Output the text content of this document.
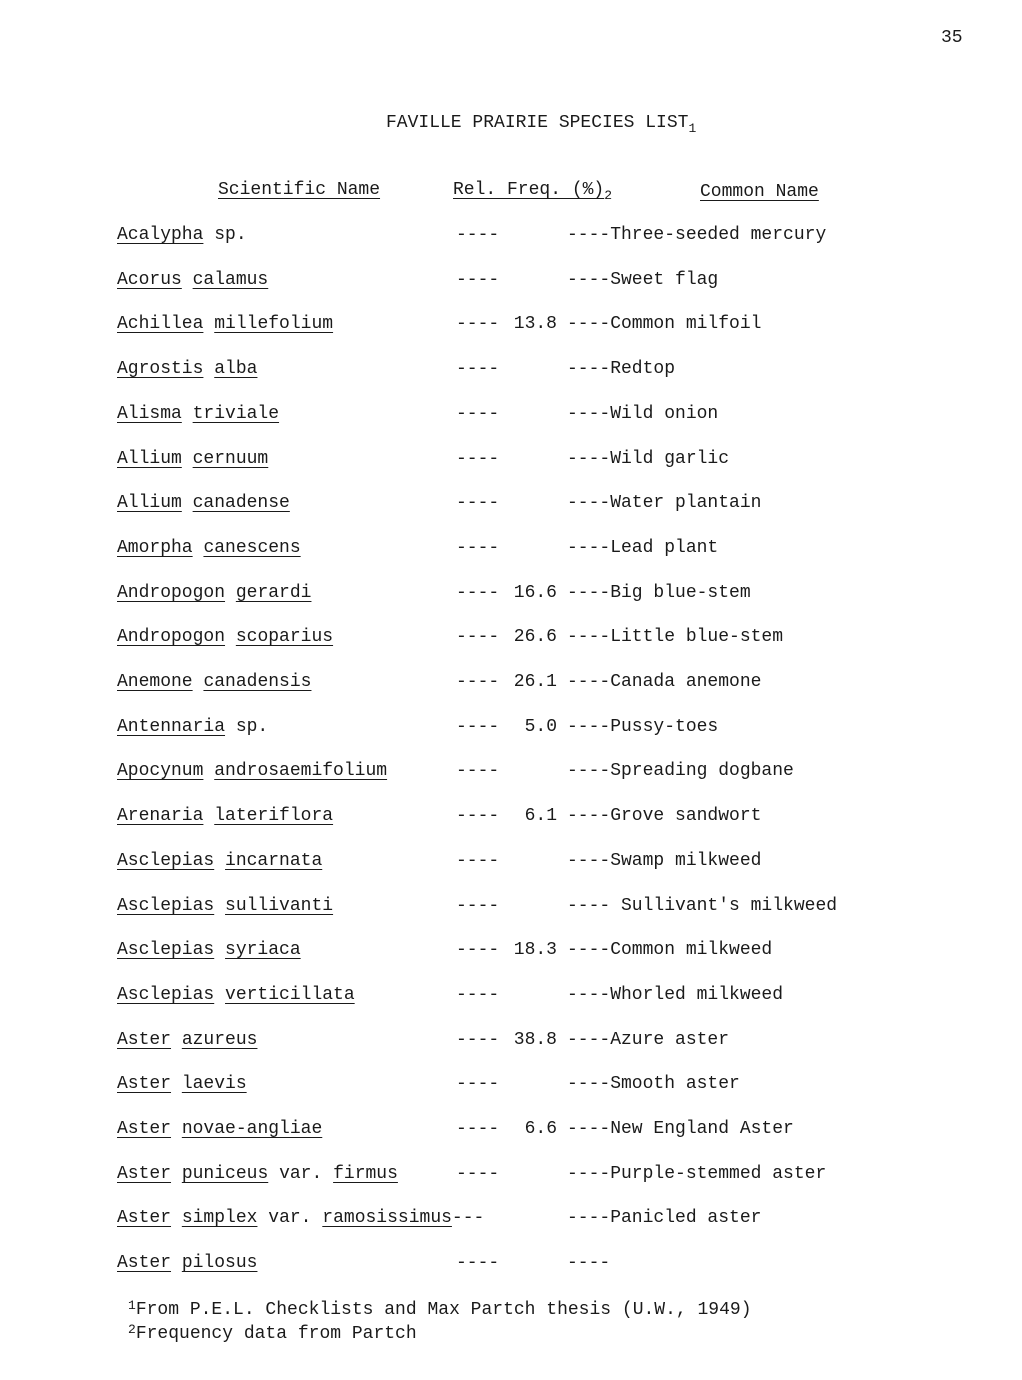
35
FAVILLE PRAIRIE SPECIES $LIST_1$
Scientific Name	Rel. Freq. $(\%)_2$	Common Name
Acalypha sp.	----	----Three-seeded mercury
Acorus calamus	----	----Sweet flag
Achillea millefolium	---- 13.8 ----Common milfoil
Agrostis alba	----	----Redtop
Alisma triviale	----	----Wild onion
Allium cernuum	----	----Wild garlic
Allium canadense	----	----Water plantain
Amorpha canescens	----	----Lead plant
Andropogon gerardi	---- 16.6 ----Big blue-stem
Andropogon scoparius	---- 26.6 ----Little blue-stem
Anemone canadensis	---- 26.1 ----Canada anemone
Antennaria sp.	----	5.0 ----Pussy-toes
Apocynum androsaemifolium	----	----Spreading dogbane
Arenaria lateriflora	----	6.1 ----Grove sandwort
Asclepias incarnata	----	----Swamp milkweed
Asclepias sullivanti	----	---- Sullivant's milkweed
Asclepias syriaca	---- 18.3 ----Common milkweed
Asclepias verticillata	----	----Whorled milkweed
Aster azureus	---- 38.8 ----Azure aster
Aster laevis	----	----Smooth aster
Aster novae-angliae	----	6.6 ----New England Aster
Aster puniceus var. firmus	----	----Purple-stemmed aster
Aster simplex var. ramosissimus---	----Panicled aster
Aster pilosus	----	----
$^1$From P.E.L. Checklists and Max Partch thesis (U.W., 1949)
$^2$Frequency data from Partch
